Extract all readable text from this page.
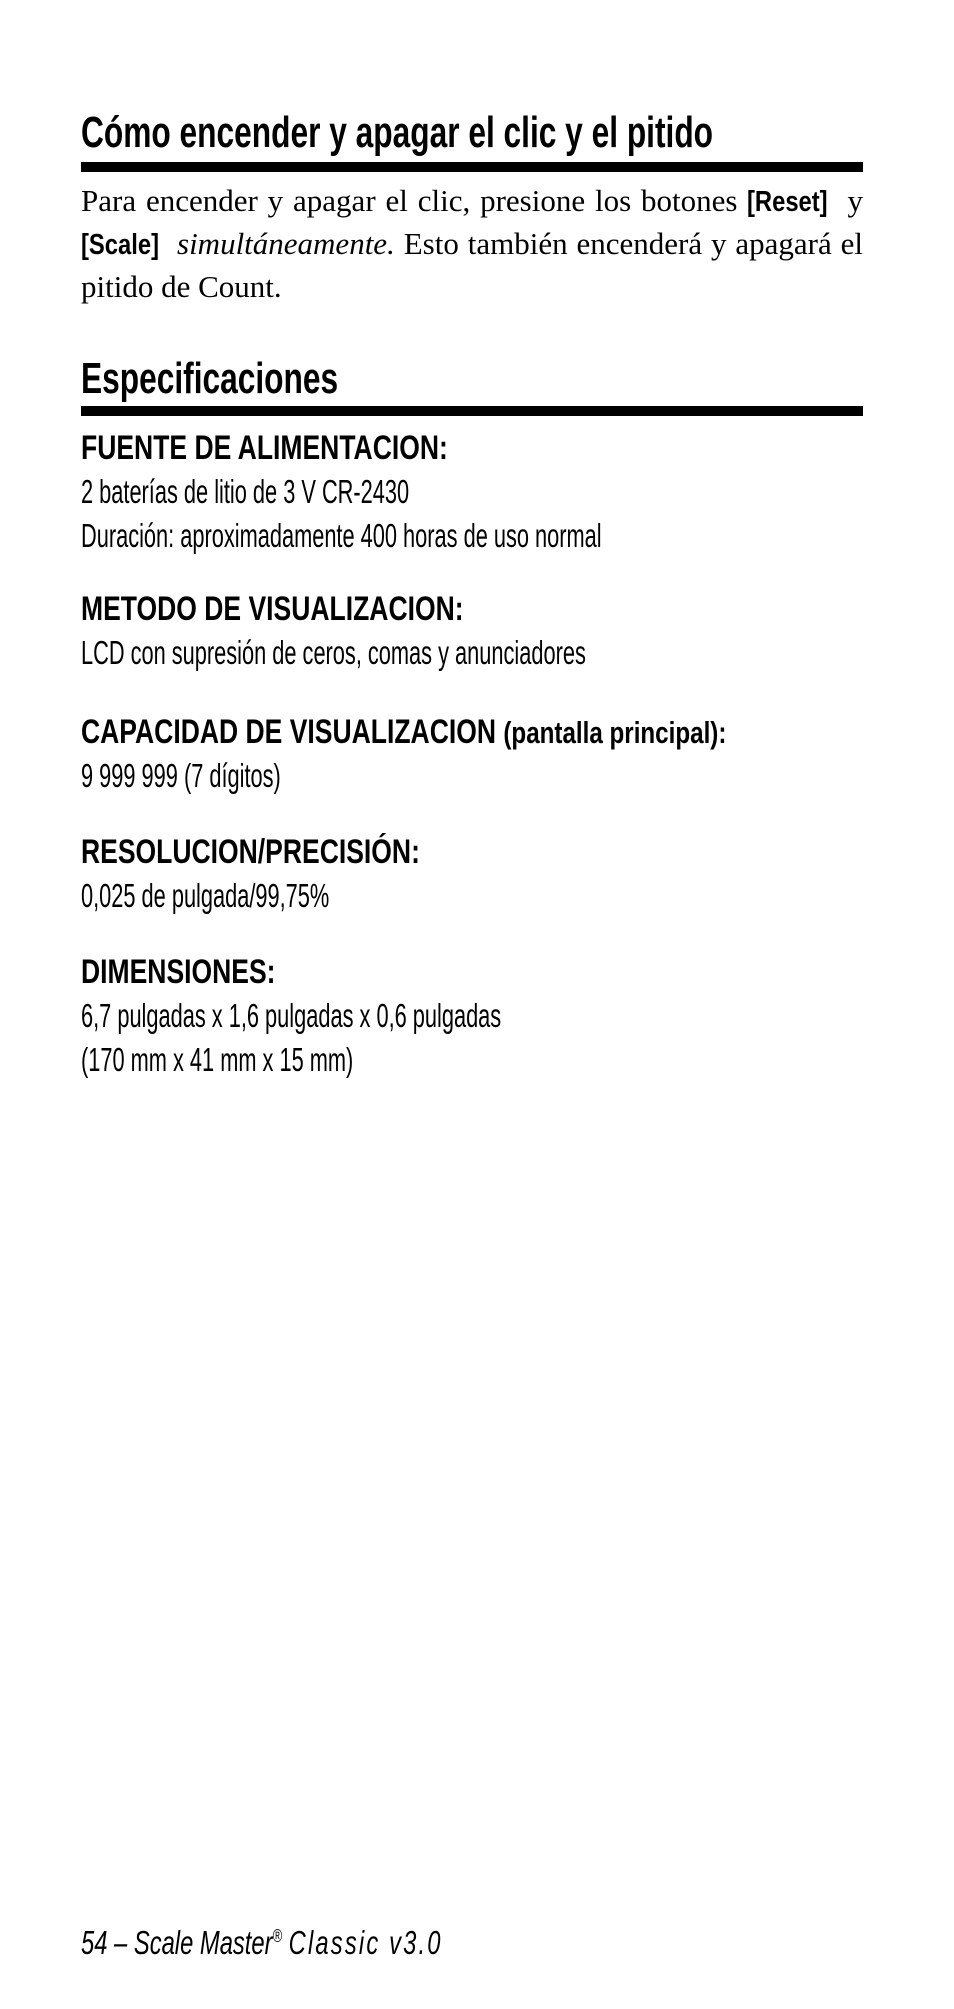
Cómo encender y apagar el clic y el pitido

Para encender y apagar el clic, presione los botones [Reset] y [Scale] simultáneamente. Esto también encenderá y apagará el pitido de Count.

Especificaciones
FUENTE DE ALIMENTACION:
2 baterías de litio de 3 V CR-2430
Duración: aproximadamente 400 horas de uso normal
METODO DE VISUALIZACION:
LCD con supresión de ceros, comas y anunciadores
CAPACIDAD DE VISUALIZACION (pantalla principal):
9 999 999 (7 dígitos)
RESOLUCION/PRECISIÓN:
0,025 de pulgada/99,75%
DIMENSIONES:
6,7 pulgadas x 1,6 pulgadas x 0,6 pulgadas
(170 mm x 41 mm x 15 mm)
54 – Scale Master® Classic v3.0
